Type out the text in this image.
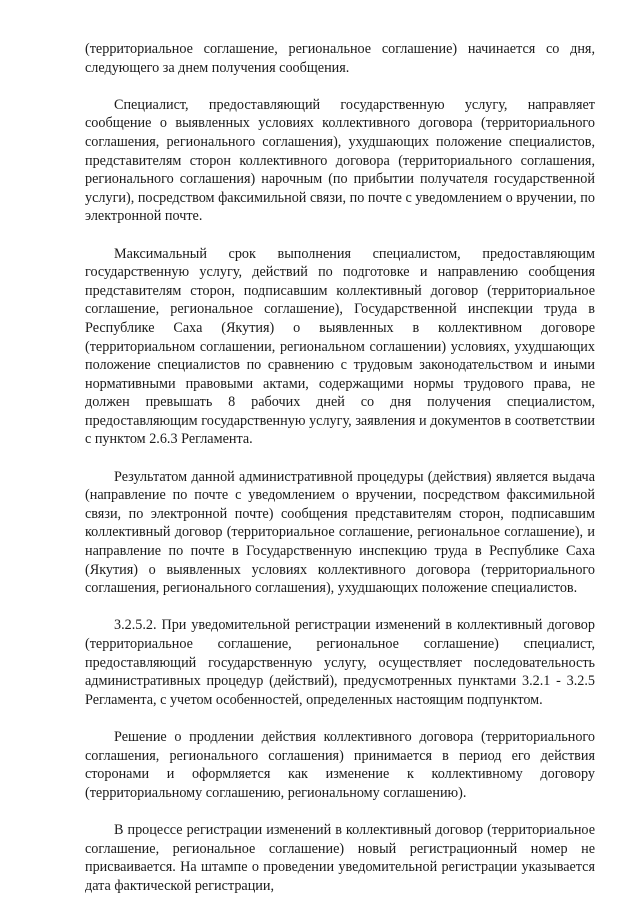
(территориальное соглашение, региональное соглашение) начинается со дня, следующего за днем получения сообщения.

Специалист, предоставляющий государственную услугу, направляет сообщение о выявленных условиях коллективного договора (территориального соглашения, регионального соглашения), ухудшающих положение специалистов, представителям сторон коллективного договора (территориального соглашения, регионального соглашения) нарочным (по прибытии получателя государственной услуги), посредством факсимильной связи, по почте с уведомлением о вручении, по электронной почте.

Максимальный срок выполнения специалистом, предоставляющим государственную услугу, действий по подготовке и направлению сообщения представителям сторон, подписавшим коллективный договор (территориальное соглашение, региональное соглашение), Государственной инспекции труда в Республике Саха (Якутия) о выявленных в коллективном договоре (территориальном соглашении, региональном соглашении) условиях, ухудшающих положение специалистов по сравнению с трудовым законодательством и иными нормативными правовыми актами, содержащими нормы трудового права, не должен превышать 8 рабочих дней со дня получения специалистом, предоставляющим государственную услугу, заявления и документов в соответствии с пунктом 2.6.3 Регламента.

Результатом данной административной процедуры (действия) является выдача (направление по почте с уведомлением о вручении, посредством факсимильной связи, по электронной почте) сообщения представителям сторон, подписавшим коллективный договор (территориальное соглашение, региональное соглашение), и направление по почте в Государственную инспекцию труда в Республике Саха (Якутия) о выявленных условиях коллективного договора (территориального соглашения, регионального соглашения), ухудшающих положение специалистов.

3.2.5.2. При уведомительной регистрации изменений в коллективный договор (территориальное соглашение, региональное соглашение) специалист, предоставляющий государственную услугу, осуществляет последовательность административных процедур (действий), предусмотренных пунктами 3.2.1 - 3.2.5 Регламента, с учетом особенностей, определенных настоящим подпунктом.

Решение о продлении действия коллективного договора (территориального соглашения, регионального соглашения) принимается в период его действия сторонами и оформляется как изменение к коллективному договору (территориальному соглашению, региональному соглашению).

В процессе регистрации изменений в коллективный договор (территориальное соглашение, региональное соглашение) новый регистрационный номер не присваивается. На штампе о проведении уведомительной регистрации указывается дата фактической регистрации,
